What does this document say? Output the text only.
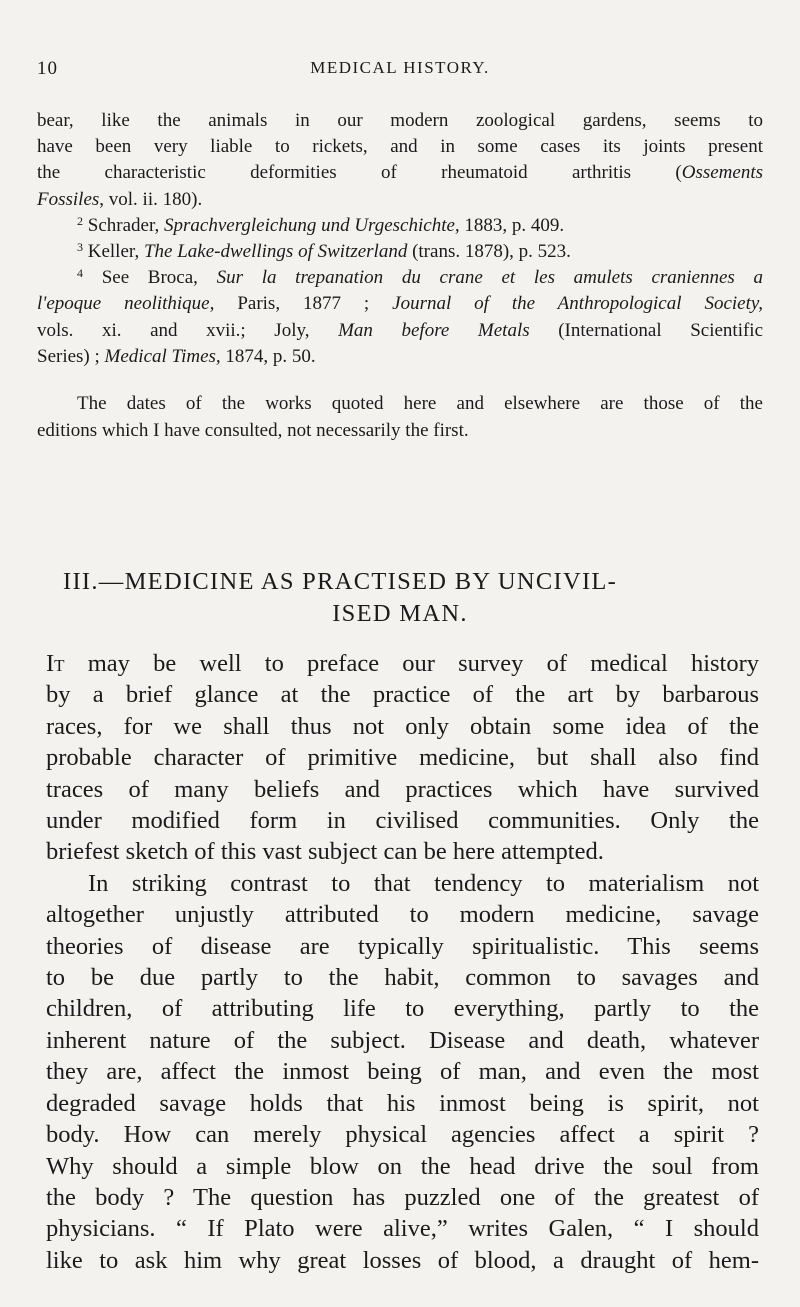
10	MEDICAL HISTORY.
bear, like the animals in our modern zoological gardens, seems to
have been very liable to rickets, and in some cases its joints present
the characteristic deformities of rheumatoid arthritis (Ossements
Fossiles, vol. ii. 180).
$^2$ Schrader, Sprachvergleichung und Urgeschichte, 1883, p. 409.
$^3$ Keller, The Lake-dwellings of Switzerland (trans. 1878), p. 523.
$^4$ See Broca, Sur la trepanation du crane et les amulets craniennes a
l'epoque neolithique, Paris, 1877 ; Journal of the Anthropological Society,
vols. xi. and xvii.; Joly, Man before Metals (International Scientific
Series) ; Medical Times, 1874, p. 50.
The dates of the works quoted here and elsewhere are those of the
editions which I have consulted, not necessarily the first.
III.—MEDICINE AS PRACTISED BY UNCIVIL-
ISED MAN.
It may be well to preface our survey of medical history
by a brief glance at the practice of the art by barbarous
races, for we shall thus not only obtain some idea of the
probable character of primitive medicine, but shall also find
traces of many beliefs and practices which have survived
under modified form in civilised communities. Only the
briefest sketch of this vast subject can be here attempted.
In striking contrast to that tendency to materialism not
altogether unjustly attributed to modern medicine, savage
theories of disease are typically spiritualistic. This seems
to be due partly to the habit, common to savages and
children, of attributing life to everything, partly to the
inherent nature of the subject. Disease and death, whatever
they are, affect the inmost being of man, and even the most
degraded savage holds that his inmost being is spirit, not
body. How can merely physical agencies affect a spirit ?
Why should a simple blow on the head drive the soul from
the body ? The question has puzzled one of the greatest of
physicians. “ If Plato were alive,” writes Galen, “ I should
like to ask him why great losses of blood, a draught of hem-
